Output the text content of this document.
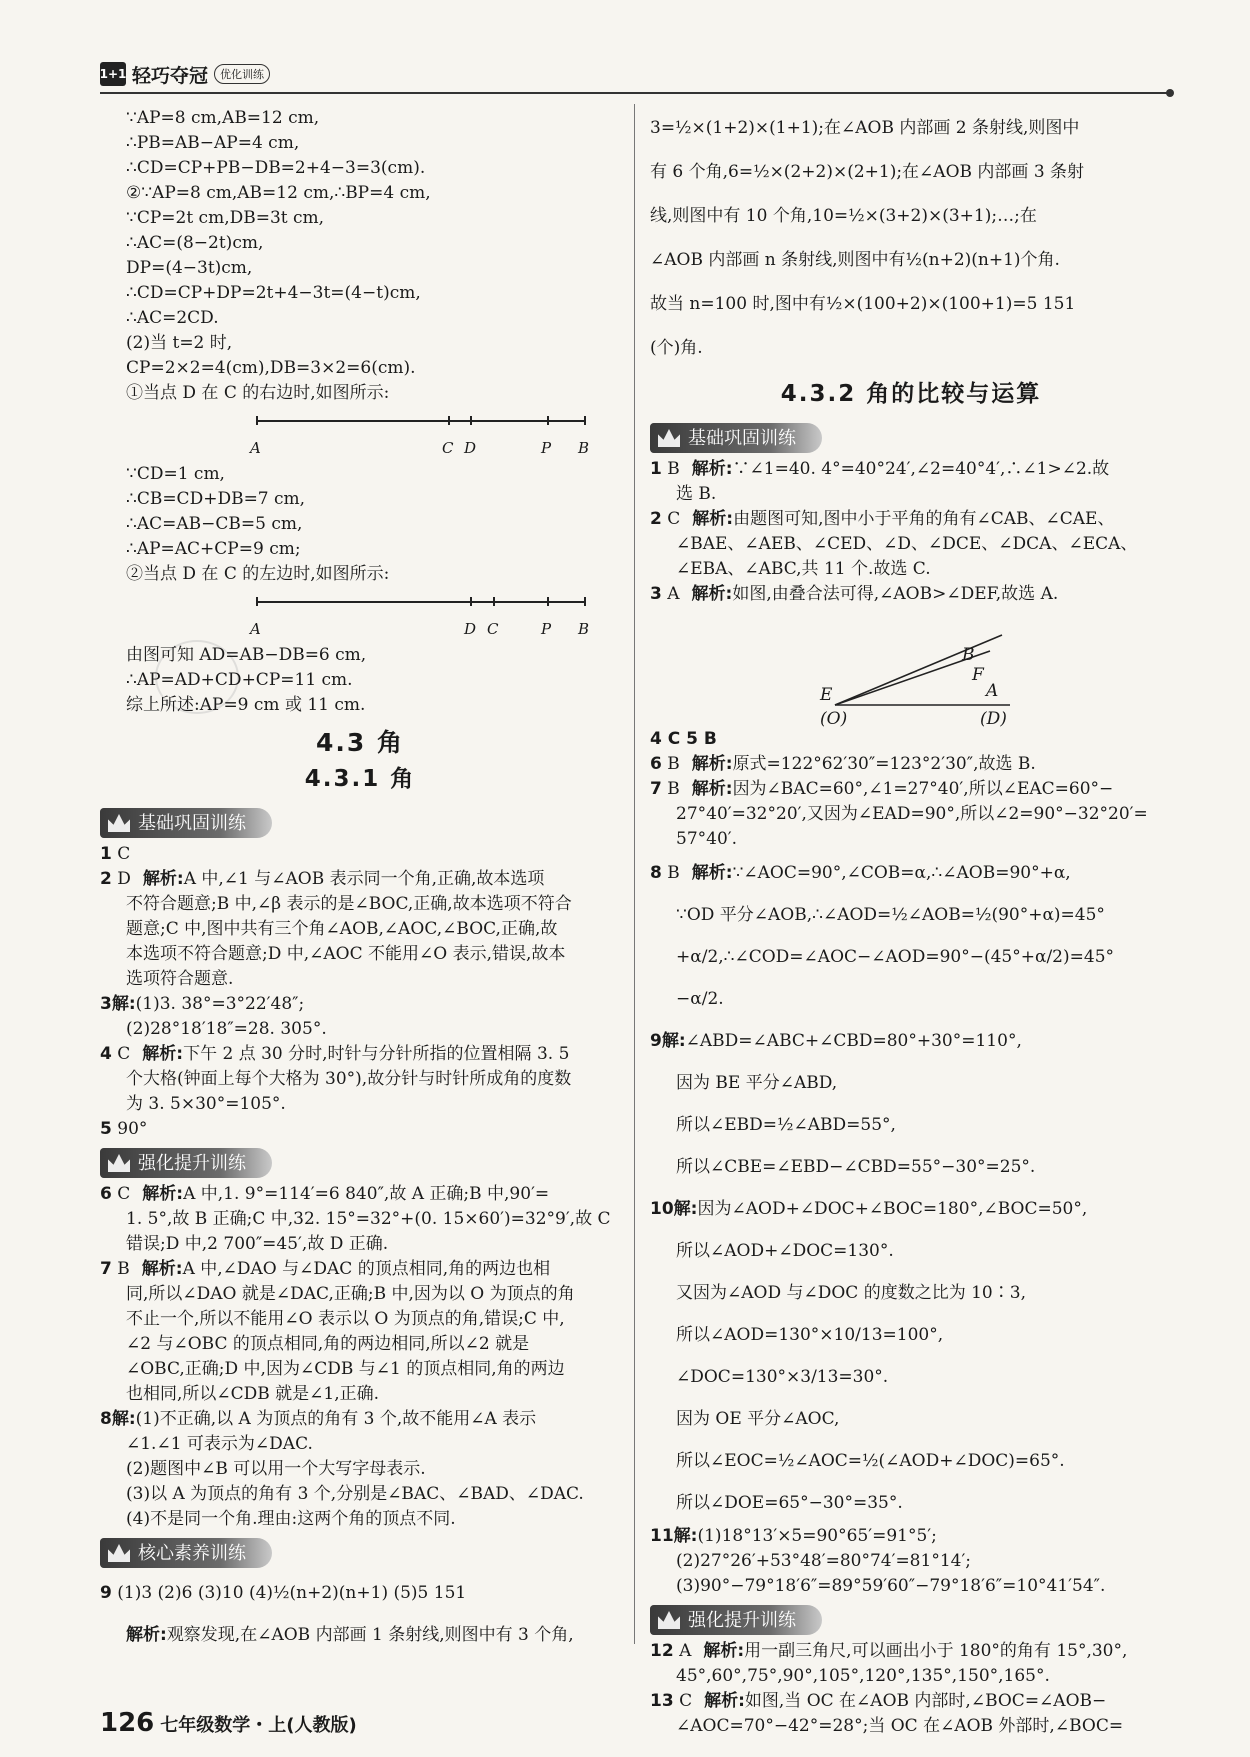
1+1 轻巧夺冠	优化训练
∵AP=8 cm,AB=12 cm,
∴PB=AB−AP=4 cm,
∴CD=CP+PB−DB=2+4−3=3(cm).
②∵AP=8 cm,AB=12 cm,∴BP=4 cm,
∵CP=2t cm,DB=3t cm,
∴AC=(8−2t)cm,
DP=(4−3t)cm,
∴CD=CP+DP=2t+4−3t=(4−t)cm,
∴AC=2CD.
(2)当 t=2 时,
CP=2×2=4(cm),DB=3×2=6(cm).
①当点 D 在 C 的右边时,如图所示:
A	C D	P B
∵CD=1 cm,
∴CB=CD+DB=7 cm,
∴AC=AB−CB=5 cm,
∴AP=AC+CP=9 cm;
②当点 D 在 C 的左边时,如图所示:
A	D C	P B
由图可知 AD=AB−DB=6 cm,
∴AP=AD+CD+CP=11 cm.
综上所述:AP=9 cm 或 11 cm.
4.3 角
4.3.1 角
基础巩固训练
1 C
2 D 解析:A 中,∠1 与∠AOB 表示同一个角,正确,故本选项
不符合题意;B 中,∠β 表示的是∠BOC,正确,故本选项不符合
题意;C 中,图中共有三个角∠AOB,∠AOC,∠BOC,正确,故
本选项不符合题意;D 中,∠AOC 不能用∠O 表示,错误,故本
选项符合题意.
3解:(1)3. 38°=3°22′48″;
(2)28°18′18″=28. 305°.
4 C 解析:下午 2 点 30 分时,时针与分针所指的位置相隔 3. 5
个大格(钟面上每个大格为 30°),故分针与时针所成角的度数
为 3. 5×30°=105°.
5 90°
强化提升训练
6 C 解析:A 中,1. 9°=114′=6 840″,故 A 正确;B 中,90′=
1. 5°,故 B 正确;C 中,32. 15°=32°+(0. 15×60′)=32°9′,故 C
错误;D 中,2 700″=45′,故 D 正确.
7 B 解析:A 中,∠DAO 与∠DAC 的顶点相同,角的两边也相
同,所以∠DAO 就是∠DAC,正确;B 中,因为以 O 为顶点的角
不止一个,所以不能用∠O 表示以 O 为顶点的角,错误;C 中,
∠2 与∠OBC 的顶点相同,角的两边相同,所以∠2 就是
∠OBC,正确;D 中,因为∠CDB 与∠1 的顶点相同,角的两边
也相同,所以∠CDB 就是∠1,正确.
8解:(1)不正确,以 A 为顶点的角有 3 个,故不能用∠A 表示
∠1.∠1 可表示为∠DAC.
(2)题图中∠B 可以用一个大写字母表示.
(3)以 A 为顶点的角有 3 个,分别是∠BAC、∠BAD、∠DAC.
(4)不是同一个角.理由:这两个角的顶点不同.
核心素养训练
9 (1)3 (2)6 (3)10 (4)½(n+2)(n+1) (5)5 151
解析:观察发现,在∠AOB 内部画 1 条射线,则图中有 3 个角,
3=½×(1+2)×(1+1);在∠AOB 内部画 2 条射线,则图中
有 6 个角,6=½×(2+2)×(2+1);在∠AOB 内部画 3 条射
线,则图中有 10 个角,10=½×(3+2)×(3+1);…;在
∠AOB 内部画 n 条射线,则图中有½(n+2)(n+1)个角.
故当 n=100 时,图中有½×(100+2)×(100+1)=5 151
(个)角.
4.3.2 角的比较与运算
基础巩固训练
1 B 解析:∵∠1=40. 4°=40°24′,∠2=40°4′,∴∠1>∠2.故
选 B.
2 C 解析:由题图可知,图中小于平角的角有∠CAB、∠CAE、
∠BAE、∠AEB、∠CED、∠D、∠DCE、∠DCA、∠ECA、
∠EBA、∠ABC,共 11 个.故选 C.
3 A 解析:如图,由叠合法可得,∠AOB>∠DEF,故选 A.
B
F
E	A
(O)	(D)
4 C 5 B
6 B 解析:原式=122°62′30″=123°2′30″,故选 B.
7 B 解析:因为∠BAC=60°,∠1=27°40′,所以∠EAC=60°−
27°40′=32°20′,又因为∠EAD=90°,所以∠2=90°−32°20′=
57°40′.
8 B 解析:∵∠AOC=90°,∠COB=α,∴∠AOB=90°+α,
∵OD 平分∠AOB,∴∠AOD=½∠AOB=½(90°+α)=45°
+α/2,∴∠COD=∠AOC−∠AOD=90°−(45°+α/2)=45°
−α/2.
9解:∠ABD=∠ABC+∠CBD=80°+30°=110°,
因为 BE 平分∠ABD,
所以∠EBD=½∠ABD=55°,
所以∠CBE=∠EBD−∠CBD=55°−30°=25°.
10解:因为∠AOD+∠DOC+∠BOC=180°,∠BOC=50°,
所以∠AOD+∠DOC=130°.
又因为∠AOD 与∠DOC 的度数之比为 10∶3,
所以∠AOD=130°×10/13=100°,
∠DOC=130°×3/13=30°.
因为 OE 平分∠AOC,
所以∠EOC=½∠AOC=½(∠AOD+∠DOC)=65°.
所以∠DOE=65°−30°=35°.
11解:(1)18°13′×5=90°65′=91°5′;
(2)27°26′+53°48′=80°74′=81°14′;
(3)90°−79°18′6″=89°59′60″−79°18′6″=10°41′54″.
强化提升训练
12 A 解析:用一副三角尺,可以画出小于 180°的角有 15°,30°,
45°,60°,75°,90°,105°,120°,135°,150°,165°.
13 C 解析:如图,当 OC 在∠AOB 内部时,∠BOC=∠AOB−
∠AOC=70°−42°=28°;当 OC 在∠AOB 外部时,∠BOC=
126 七年级数学・上(人教版)
